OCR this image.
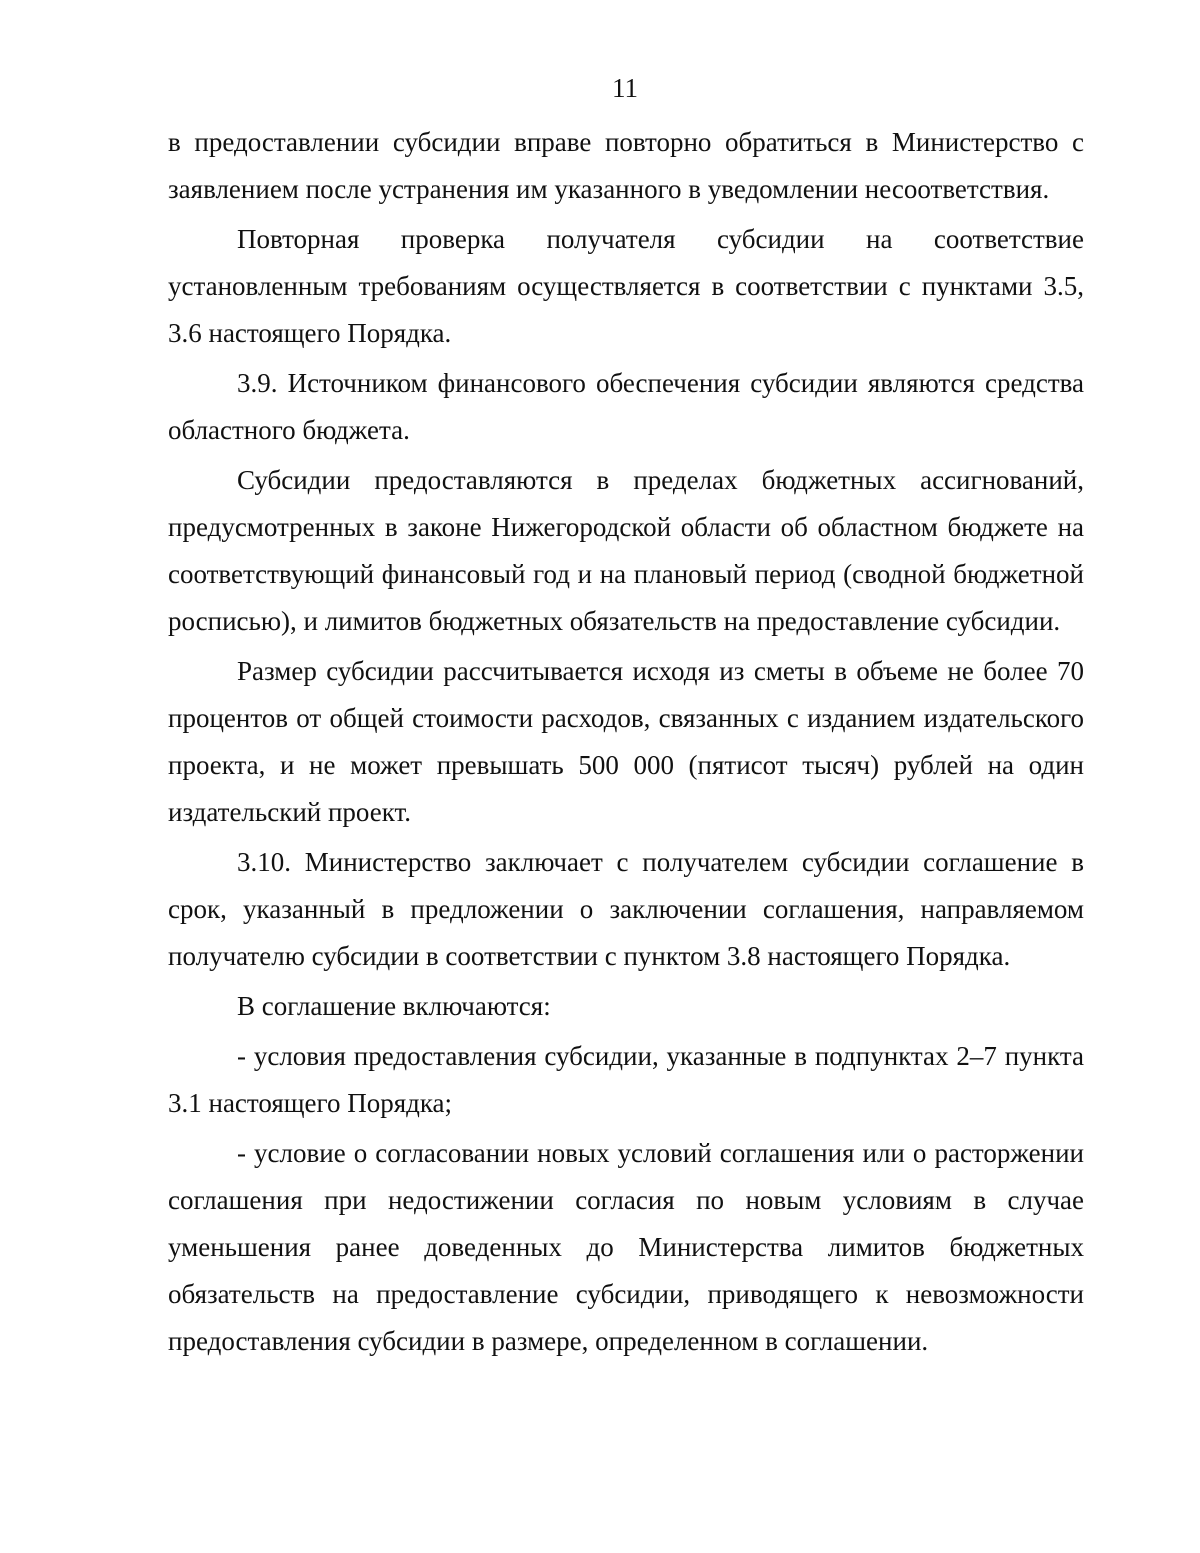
11

в предоставлении субсидии вправе повторно обратиться в Министерство с заявлением после устранения им указанного в уведомлении несоответствия.

Повторная проверка получателя субсидии на соответствие установленным требованиям осуществляется в соответствии с пунктами 3.5, 3.6 настоящего Порядка.

3.9. Источником финансового обеспечения субсидии являются средства областного бюджета.

Субсидии предоставляются в пределах бюджетных ассигнований, предусмотренных в законе Нижегородской области об областном бюджете на соответствующий финансовый год и на плановый период (сводной бюджетной росписью), и лимитов бюджетных обязательств на предоставление субсидии.

Размер субсидии рассчитывается исходя из сметы в объеме не более 70 процентов от общей стоимости расходов, связанных с изданием издательского проекта, и не может превышать 500 000 (пятисот тысяч) рублей на один издательский проект.

3.10. Министерство заключает с получателем субсидии соглашение в срок, указанный в предложении о заключении соглашения, направляемом получателю субсидии в соответствии с пунктом 3.8 настоящего Порядка.

В соглашение включаются:

- условия предоставления субсидии, указанные в подпунктах 2–7 пункта 3.1 настоящего Порядка;

- условие о согласовании новых условий соглашения или о расторжении соглашения при недостижении согласия по новым условиям в случае уменьшения ранее доведенных до Министерства лимитов бюджетных обязательств на предоставление субсидии, приводящего к невозможности предоставления субсидии в размере, определенном в соглашении.
